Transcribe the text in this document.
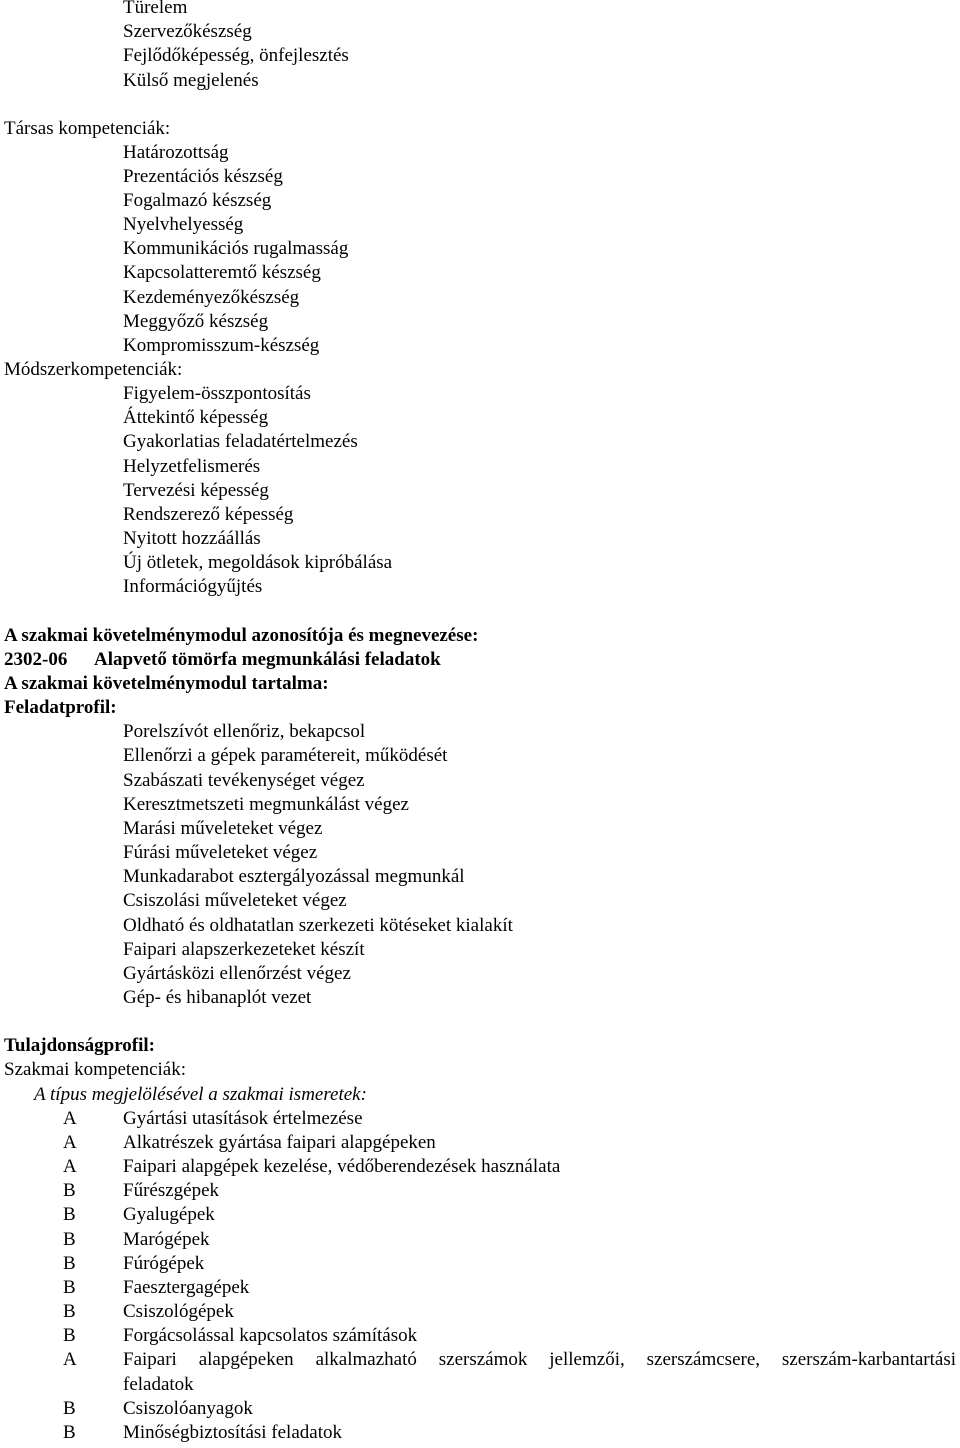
Türelem
Szervezőkészség
Fejlődőképesség, önfejlesztés
Külső megjelenés
Társas kompetenciák:
Határozottság
Prezentációs készség
Fogalmazó készség
Nyelvhelyesség
Kommunikációs rugalmasság
Kapcsolatteremtő készség
Kezdeményezőkészség
Meggyőző készség
Kompromisszum-készség
Módszerkompetenciák:
Figyelem-összpontosítás
Áttekintő képesség
Gyakorlatias feladatértelmezés
Helyzetfelismerés
Tervezési képesség
Rendszerező képesség
Nyitott hozzáállás
Új ötletek, megoldások kipróbálása
Információgyűjtés
A szakmai követelménymodul azonosítója és megnevezése:
2302-06 Alapvető tömörfa megmunkálási feladatok
A szakmai követelménymodul tartalma:
Feladatprofil:
Porelszívót ellenőriz, bekapcsol
Ellenőrzi a gépek paramétereit, működését
Szabászati tevékenységet végez
Keresztmetszeti megmunkálást végez
Marási műveleteket végez
Fúrási műveleteket végez
Munkadarabot esztergályozással megmunkál
Csiszolási műveleteket végez
Oldható és oldhatatlan szerkezeti kötéseket kialakít
Faipari alapszerkezeteket készít
Gyártásközi ellenőrzést végez
Gép- és hibanaplót vezet
Tulajdonságprofil:
Szakmai kompetenciák:
A típus megjelölésével a szakmai ismeretek:
A Gyártási utasítások értelmezése
A Alkatrészek gyártása faipari alapgépeken
A Faipari alapgépek kezelése, védőberendezések használata
B Fűrészgépek
B Gyalugépek
B Marógépek
B Fúrógépek
B Faesztergagépek
B Csiszológépek
B Forgácsolással kapcsolatos számítások
A Faipari alapgépeken alkalmazható szerszámok jellemzői, szerszámcsere, szerszám-karbantartási
feladatok
B Csiszolóanyagok
B Minőségbiztosítási feladatok
